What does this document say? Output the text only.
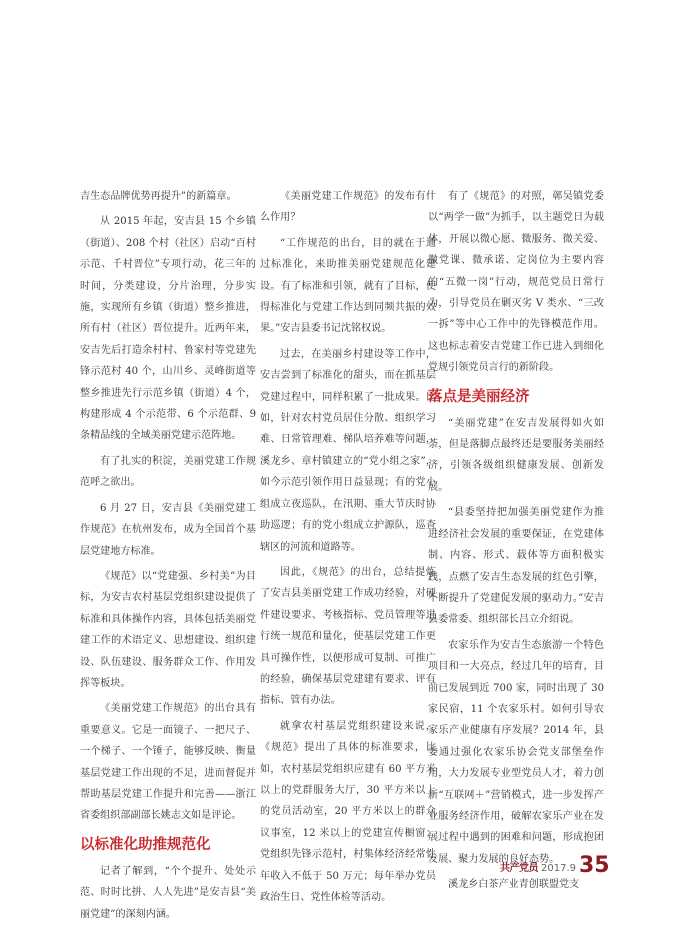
吉生态品牌优势再提升”的新篇章。

从 2015 年起，安吉县 15 个乡镇（街道）、208 个村（社区）启动“百村示范、千村晋位”专项行动，花三年的时间，分类建设，分片治理，分步实施，实现所有乡镇（街道）整乡推进，所有村（社区）晋位提升。近两年来，安吉先后打造余村村、鲁家村等党建先锋示范村 40 个，山川乡、灵峰街道等整乡推进先行示范乡镇（街道）4 个，构建形成 4 个示范带、6 个示范群、9 条精品线的全域美丽党建示范阵地。

有了扎实的积淀，美丽党建工作规范呼之欲出。

6 月 27 日，安吉县《美丽党建工作规范》在杭州发布，成为全国首个基层党建地方标准。

《规范》以“党建强、乡村美”为目标，为安吉农村基层党组织建设提供了标准和具体操作内容，具体包括美丽党建工作的术语定义、思想建设、组织建设、队伍建设、服务群众工作、作用发挥等板块。

《美丽党建工作规范》的出台具有重要意义。它是一面镜子、一把尺子、一个梯子、一个锤子，能够反映、衡量基层党建工作出现的不足，进而督促并帮助基层党建工作提升和完善——浙江省委组织部副部长姚志文如是评论。

以标准化助推规范化

记者了解到，“个个提升、处处示范、时时比拼、人人先进”是安吉县“美丽党建”的深刻内涵。

《美丽党建工作规范》的发布有什么作用？

“工作规范的出台，目的就在于通过标准化，来助推美丽党建规范化建设。有了标准和引领，就有了目标，使得标准化与党建工作达到同频共振的效果。”安吉县委书记沈铭权说。

过去，在美丽乡村建设等工作中，安吉尝到了标准化的甜头，而在抓基层党建过程中，同样积累了一批成果。比如，针对农村党员居住分散、组织学习难、日常管理难、梯队培养难等问题，溪龙乡、章村镇建立的“党小组之家”，如今示范引领作用日益显现；有的党小组成立夜巡队，在汛期、重大节庆时协助巡逻；有的党小组成立护源队，巡查辖区的河流和道路等。

因此，《规范》的出台，总结提炼了安吉县美丽党建工作成功经验，对硬件建设要求、考核指标、党员管理等进行统一规范和量化，使基层党建工作更具可操作性，以便形成可复制、可推广的经验，确保基层党建建有要求、评有指标、管有办法。

就拿农村基层党组织建设来说，《规范》提出了具体的标准要求，比如，农村基层党组织应建有 60 平方米以上的党群服务大厅，30 平方米以上的党员活动室，20 平方米以上的群众议事室，12 米以上的党建宣传橱窗；党组织先锋示范村，村集体经济经常性年收入不低于 50 万元；每年举办党员政治生日、党性体检等活动。

有了《规范》的对照，鄣吴镇党委以“两学一做”为抓手，以主题党日为载体，开展以微心愿、微服务、微关爱、微党课、微承诺、定岗位为主要内容的“五微一岗”行动，规范党员日常行为，引导党员在剿灭劣 V 类水、“三改一拆”等中心工作中的先锋模范作用。这也标志着安吉党建工作已进入到细化党规引领党员言行的新阶段。

落点是美丽经济

“美丽党建”在安吉发展得如火如荼，但是落脚点最终还是要服务美丽经济，引领各级组织健康发展、创新发展。

“县委坚持把加强美丽党建作为推进经济社会发展的重要保证，在党建体制、内容、形式、载体等方面积极实践，点燃了安吉生态发展的红色引擎，不断提升了党建促发展的驱动力。”安吉县委常委、组织部长吕立介绍说。

农家乐作为安吉生态旅游一个特色项目和一大亮点，经过几年的培育，目前已发展到近 700 家，同时出现了 30 家民宿，11 个农家乐村。如何引导农家乐产业健康有序发展？2014 年，县委通过强化农家乐协会党支部堡垒作用，大力发展专业型党员人才，着力创新“互联网＋”营销模式，进一步发挥产业服务经济作用，破解农家乐产业在发展过程中遇到的困难和问题，形成抱团发展、聚力发展的良好态势。

溪龙乡白茶产业青创联盟党支

共产党员 2017.9 35
